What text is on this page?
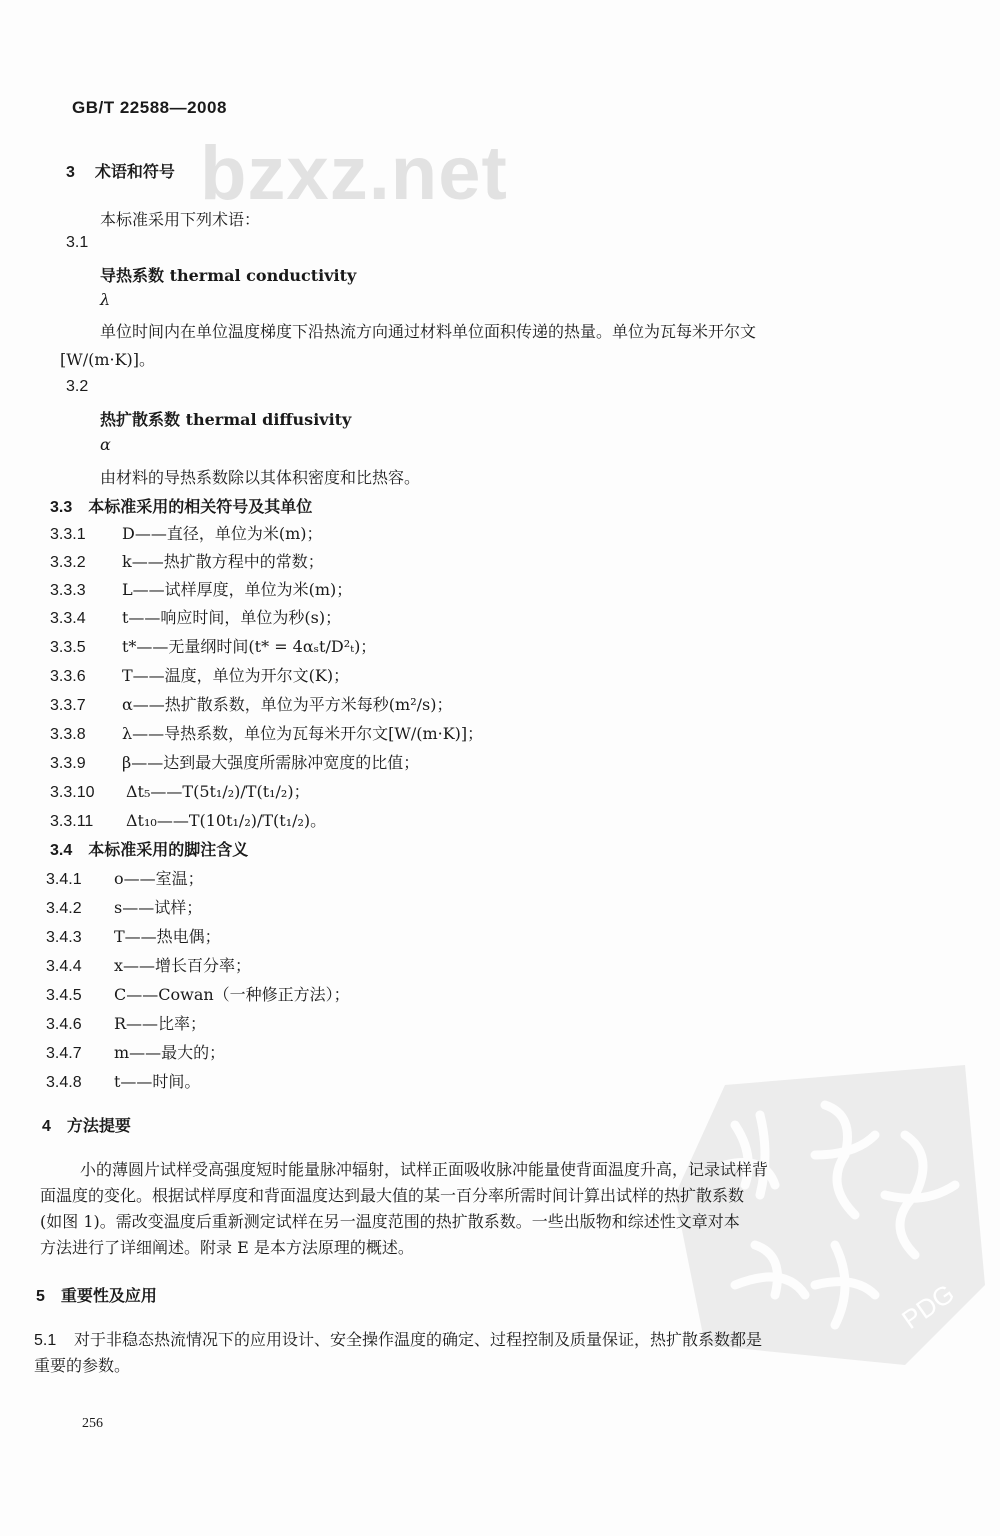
bzxz.net
PDG
GB/T 22588—2008
3 术语和符号
本标准采用下列术语：
3.1
导热系数 thermal conductivity
λ
单位时间内在单位温度梯度下沿热流方向通过材料单位面积传递的热量。单位为瓦每米开尔文
[W/(m·K)]。
3.2
热扩散系数 thermal diffusivity
α
由材料的导热系数除以其体积密度和比热容。
3.3 本标准采用的相关符号及其单位
3.3.1 D——直径，单位为米(m)；
3.3.2 k——热扩散方程中的常数；
3.3.3 L——试样厚度，单位为米(m)；
3.3.4 t——响应时间，单位为秒(s)；
3.3.5 t*——无量纲时间(t* = 4αₛt/D²ₜ)；
3.3.6 T——温度，单位为开尔文(K)；
3.3.7 α——热扩散系数，单位为平方米每秒(m²/s)；
3.3.8 λ——导热系数，单位为瓦每米开尔文[W/(m·K)]；
3.3.9 β——达到最大强度所需脉冲宽度的比值；
3.3.10 Δt₅——T(5t₁/₂)/T(t₁/₂)；
3.3.11 Δt₁₀——T(10t₁/₂)/T(t₁/₂)。
3.4 本标准采用的脚注含义
3.4.1 o——室温；
3.4.2 s——试样；
3.4.3 T——热电偶；
3.4.4 x——增长百分率；
3.4.5 C——Cowan（一种修正方法）；
3.4.6 R——比率；
3.4.7 m——最大的；
3.4.8 t——时间。
4 方法提要
小的薄圆片试样受高强度短时能量脉冲辐射，试样正面吸收脉冲能量使背面温度升高，记录试样背
面温度的变化。根据试样厚度和背面温度达到最大值的某一百分率所需时间计算出试样的热扩散系数
(如图 1)。需改变温度后重新测定试样在另一温度范围的热扩散系数。一些出版物和综述性文章对本
方法进行了详细阐述。附录 E 是本方法原理的概述。
5 重要性及应用
5.1 对于非稳态热流情况下的应用设计、安全操作温度的确定、过程控制及质量保证，热扩散系数都是
重要的参数。
256
